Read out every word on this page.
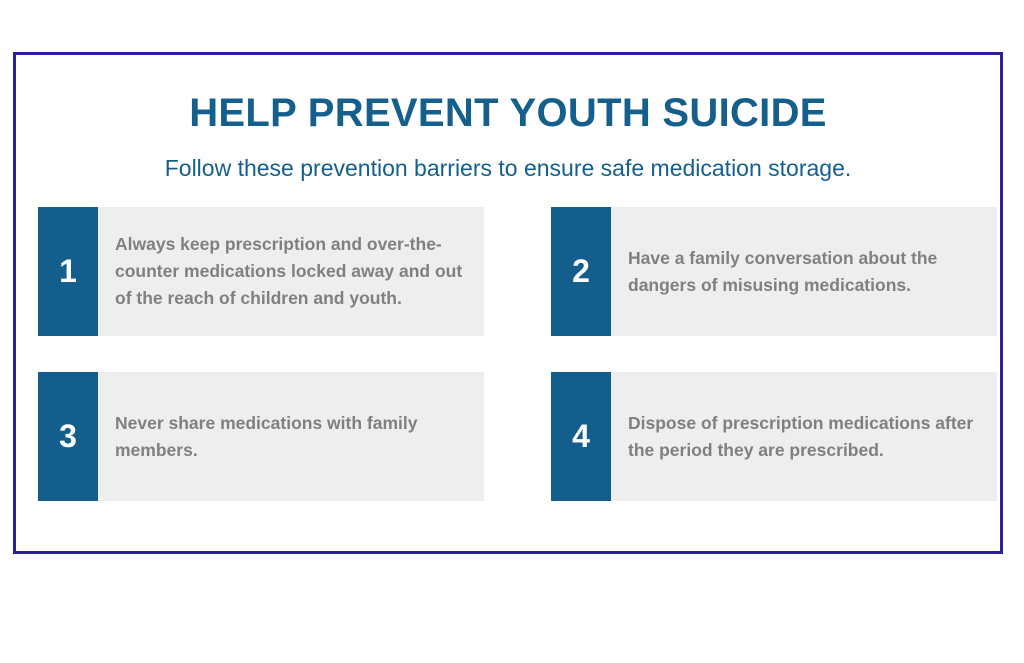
HELP PREVENT YOUTH SUICIDE

Follow these prevention barriers to ensure safe medication storage.

1
Always keep prescription and over-the-counter medications locked away and out of the reach of children and youth.
2	Have a family conversation about the dangers of misusing medications.
3	Never share medications with family members.	4	Dispose of prescription medications after the period they are prescribed.
